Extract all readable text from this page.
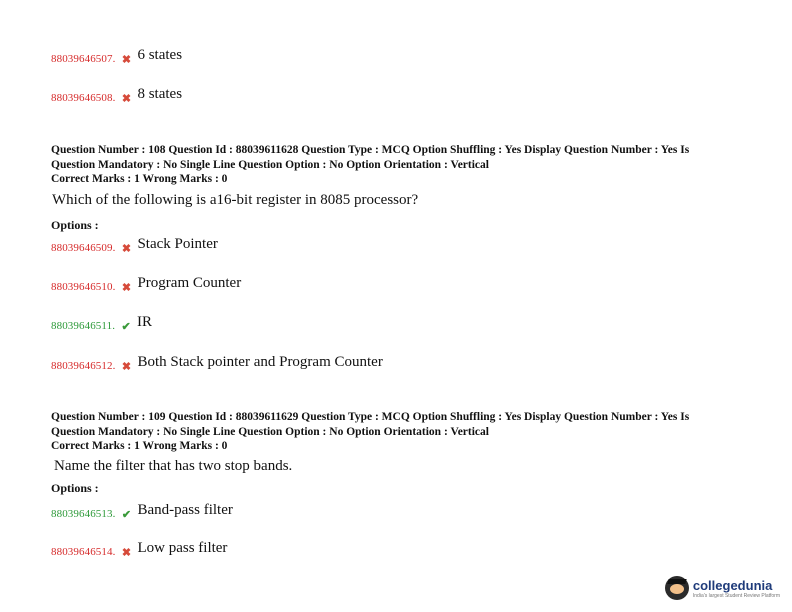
88039646507. ✖ 6 states
88039646508. ✖ 8 states
Question Number : 108 Question Id : 88039611628 Question Type : MCQ Option Shuffling : Yes Display Question Number : Yes Is
Question Mandatory : No Single Line Question Option : No Option Orientation : Vertical
Correct Marks : 1 Wrong Marks : 0
Which of the following is a16-bit register in 8085 processor?
Options :
88039646509. ✖ Stack Pointer
88039646510. ✖ Program Counter
88039646511. ✔ IR
88039646512. ✖ Both Stack pointer and Program Counter
Question Number : 109 Question Id : 88039611629 Question Type : MCQ Option Shuffling : Yes Display Question Number : Yes Is
Question Mandatory : No Single Line Question Option : No Option Orientation : Vertical
Correct Marks : 1 Wrong Marks : 0
Name the filter that has two stop bands.
Options :
88039646513. ✔ Band-pass filter
88039646514. ✖ Low pass filter
collegedunia
India's largest Student Review Platform
